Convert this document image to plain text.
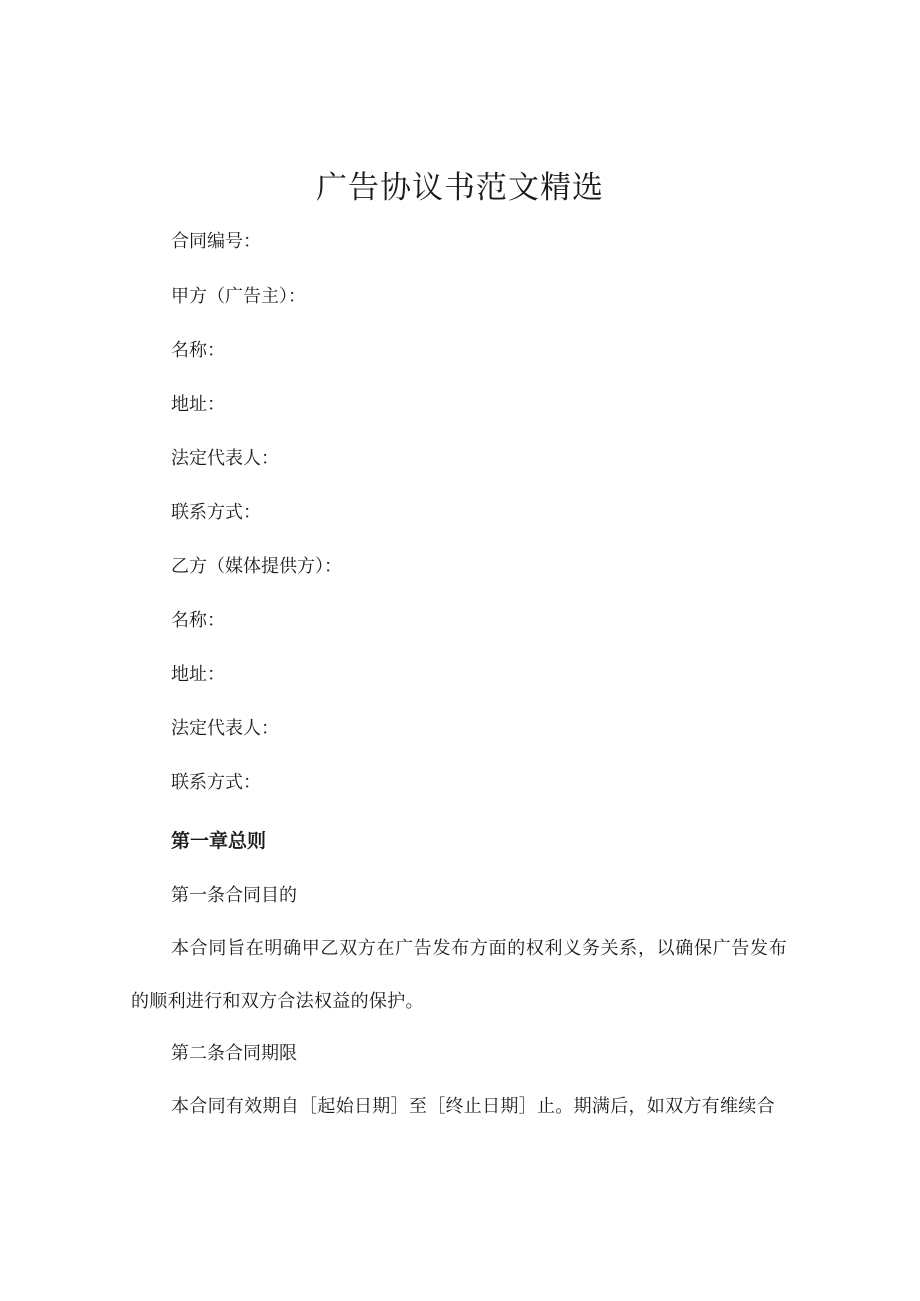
广告协议书范文精选

合同编号：

甲方（广告主）：

名称：

地址：

法定代表人：

联系方式：

乙方（媒体提供方）：

名称：

地址：

法定代表人：

联系方式：

第一章总则

第一条合同目的

本合同旨在明确甲乙双方在广告发布方面的权利义务关系，以确保广告发布的顺利进行和双方合法权益的保护。

第二条合同期限

本合同有效期自［起始日期］至［终止日期］止。期满后，如双方有维续合
